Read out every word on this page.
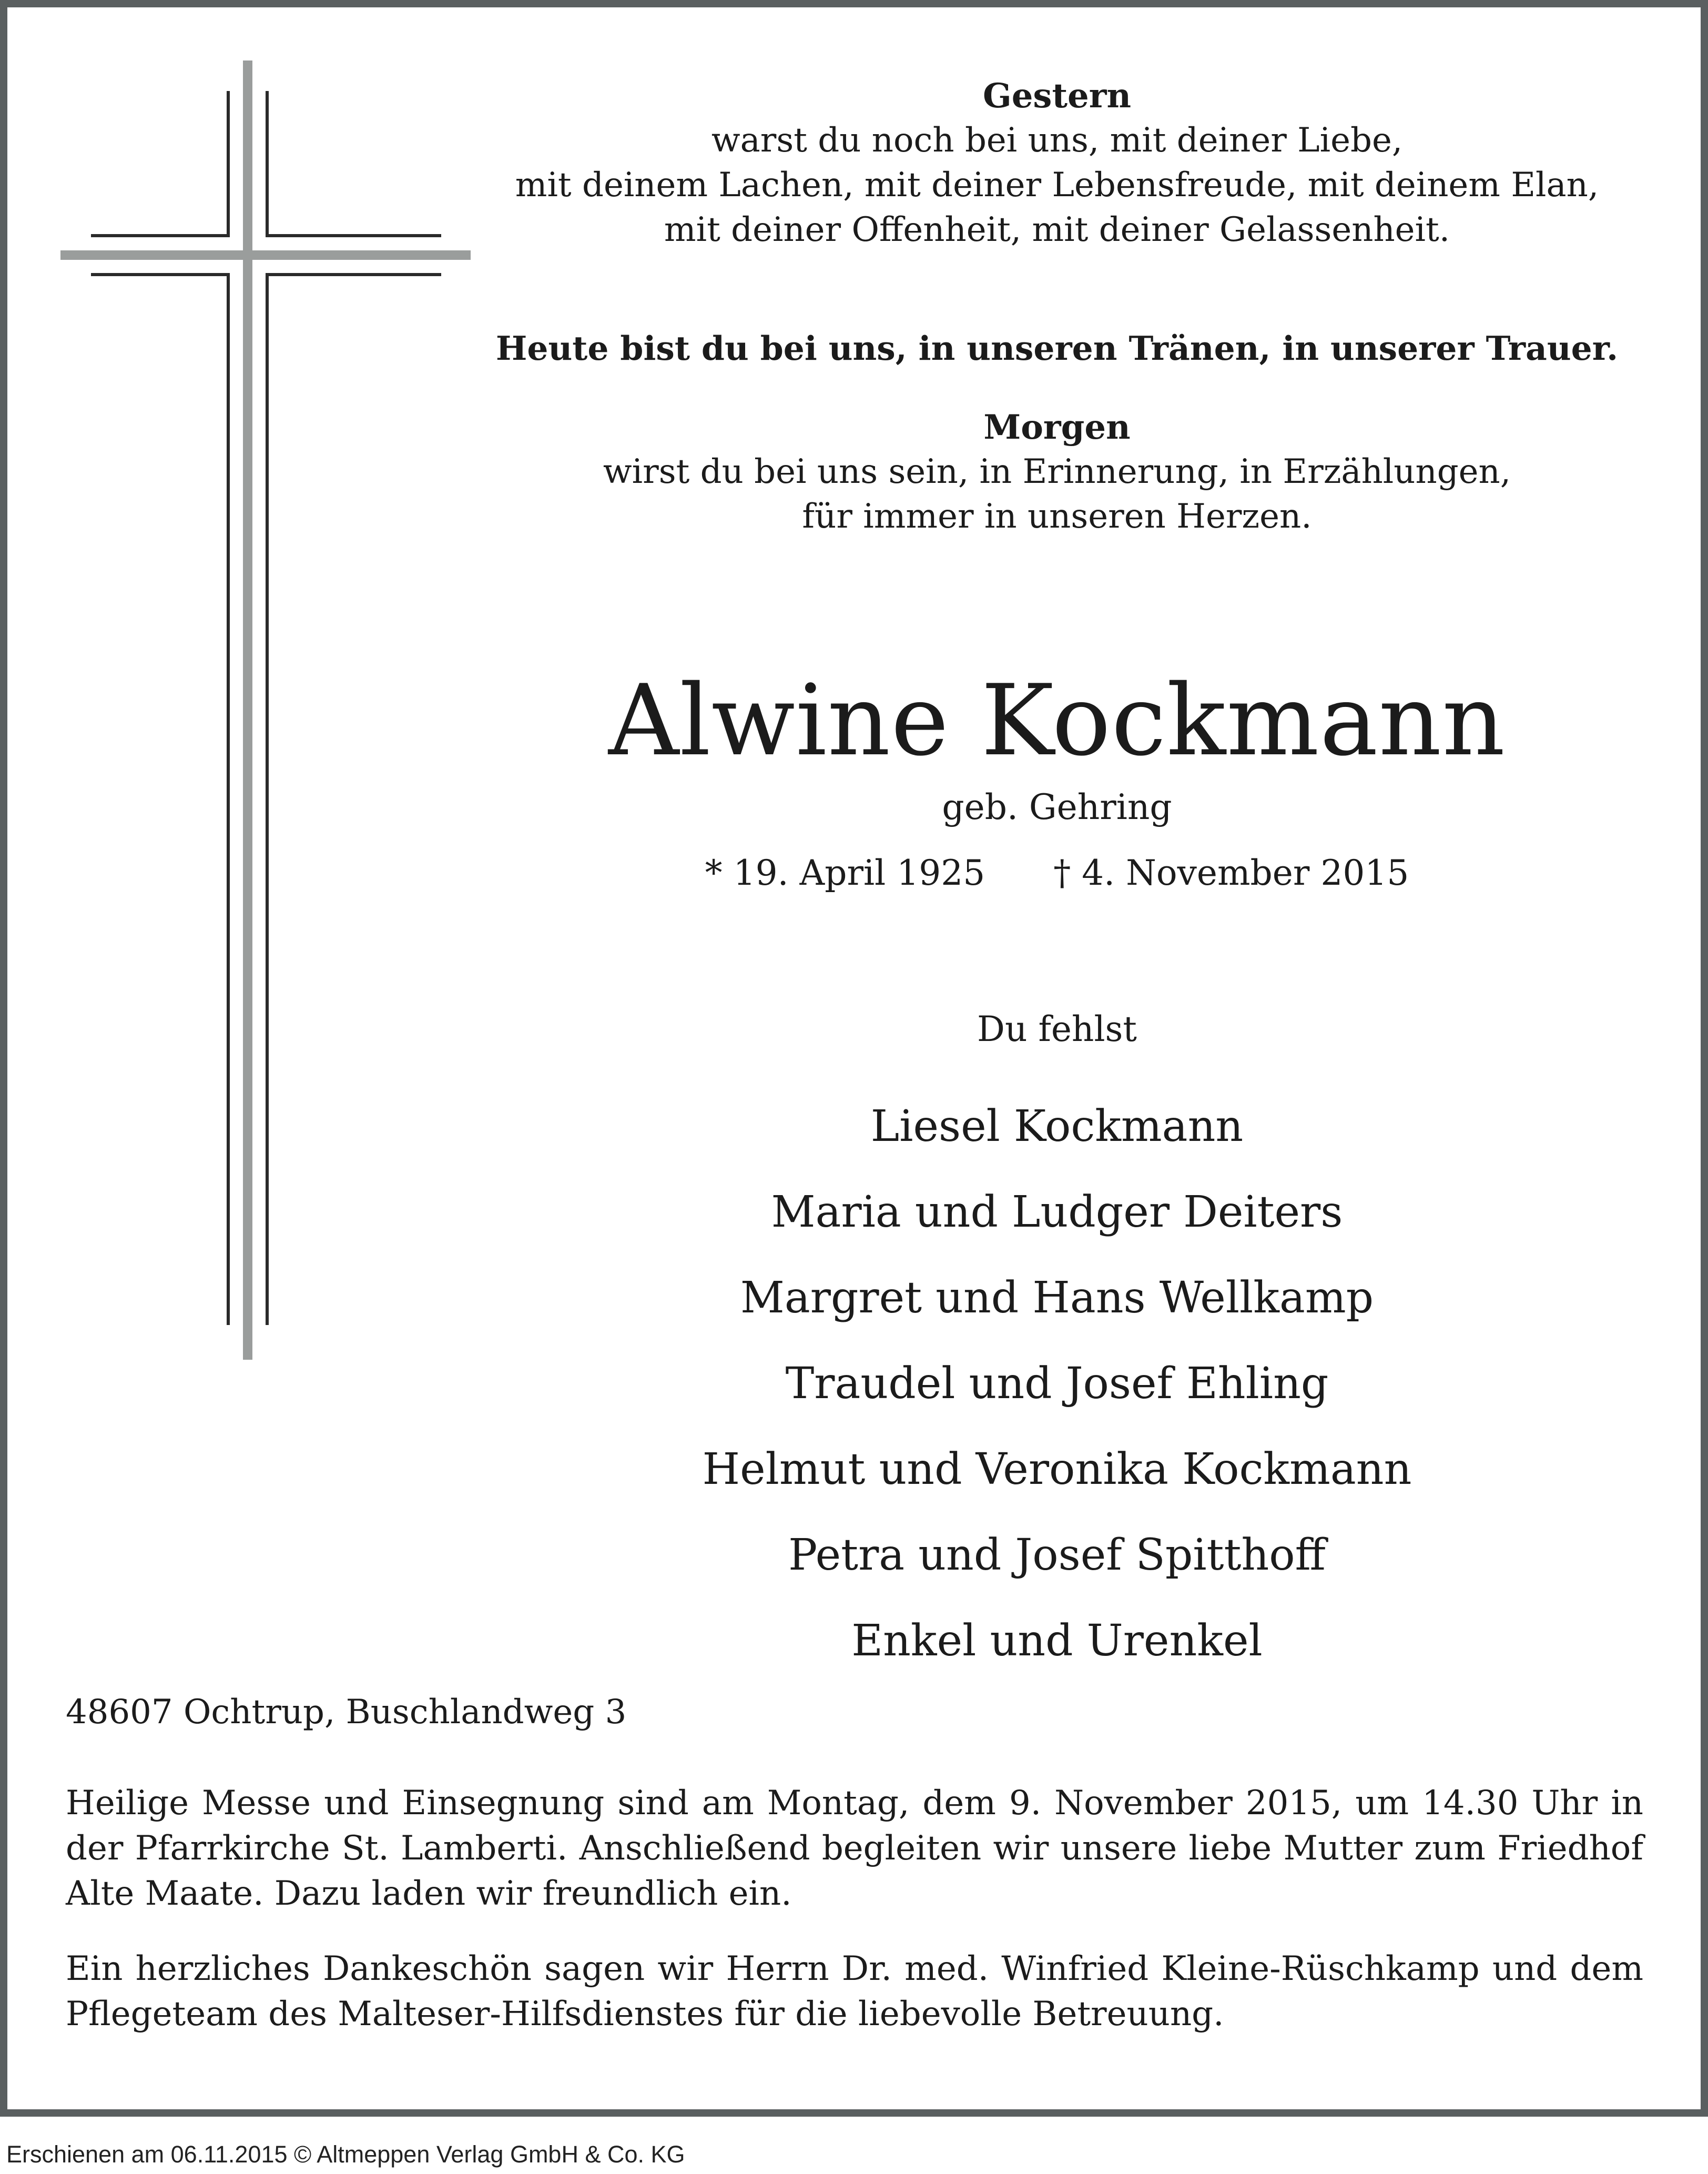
Gestern
warst du noch bei uns, mit deiner Liebe,
mit deinem Lachen, mit deiner Lebensfreude, mit deinem Elan,
mit deiner Offenheit, mit deiner Gelassenheit.
Heute bist du bei uns, in unseren Tränen, in unserer Trauer.
Morgen
wirst du bei uns sein, in Erinnerung, in Erzählungen,
für immer in unseren Herzen.
Alwine Kockmann
geb. Gehring
* 19. April 1925 † 4. November 2015
Du fehlst
Liesel Kockmann
Maria und Ludger Deiters
Margret und Hans Wellkamp
Traudel und Josef Ehling
Helmut und Veronika Kockmann
Petra und Josef Spitthoff
Enkel und Urenkel
48607 Ochtrup, Buschlandweg 3
Heilige Messe und Einsegnung sind am Montag, dem 9. November 2015, um 14.30 Uhr in der Pfarrkirche St. Lamberti. Anschließend begleiten wir unsere liebe Mutter zum Friedhof Alte Maate. Dazu laden wir freundlich ein.
Ein herzliches Dankeschön sagen wir Herrn Dr. med. Winfried Kleine-Rüschkamp und dem Pflegeteam des Malteser-Hilfsdienstes für die liebevolle Betreuung.
Erschienen am 06.11.2015 © Altmeppen Verlag GmbH & Co. KG
